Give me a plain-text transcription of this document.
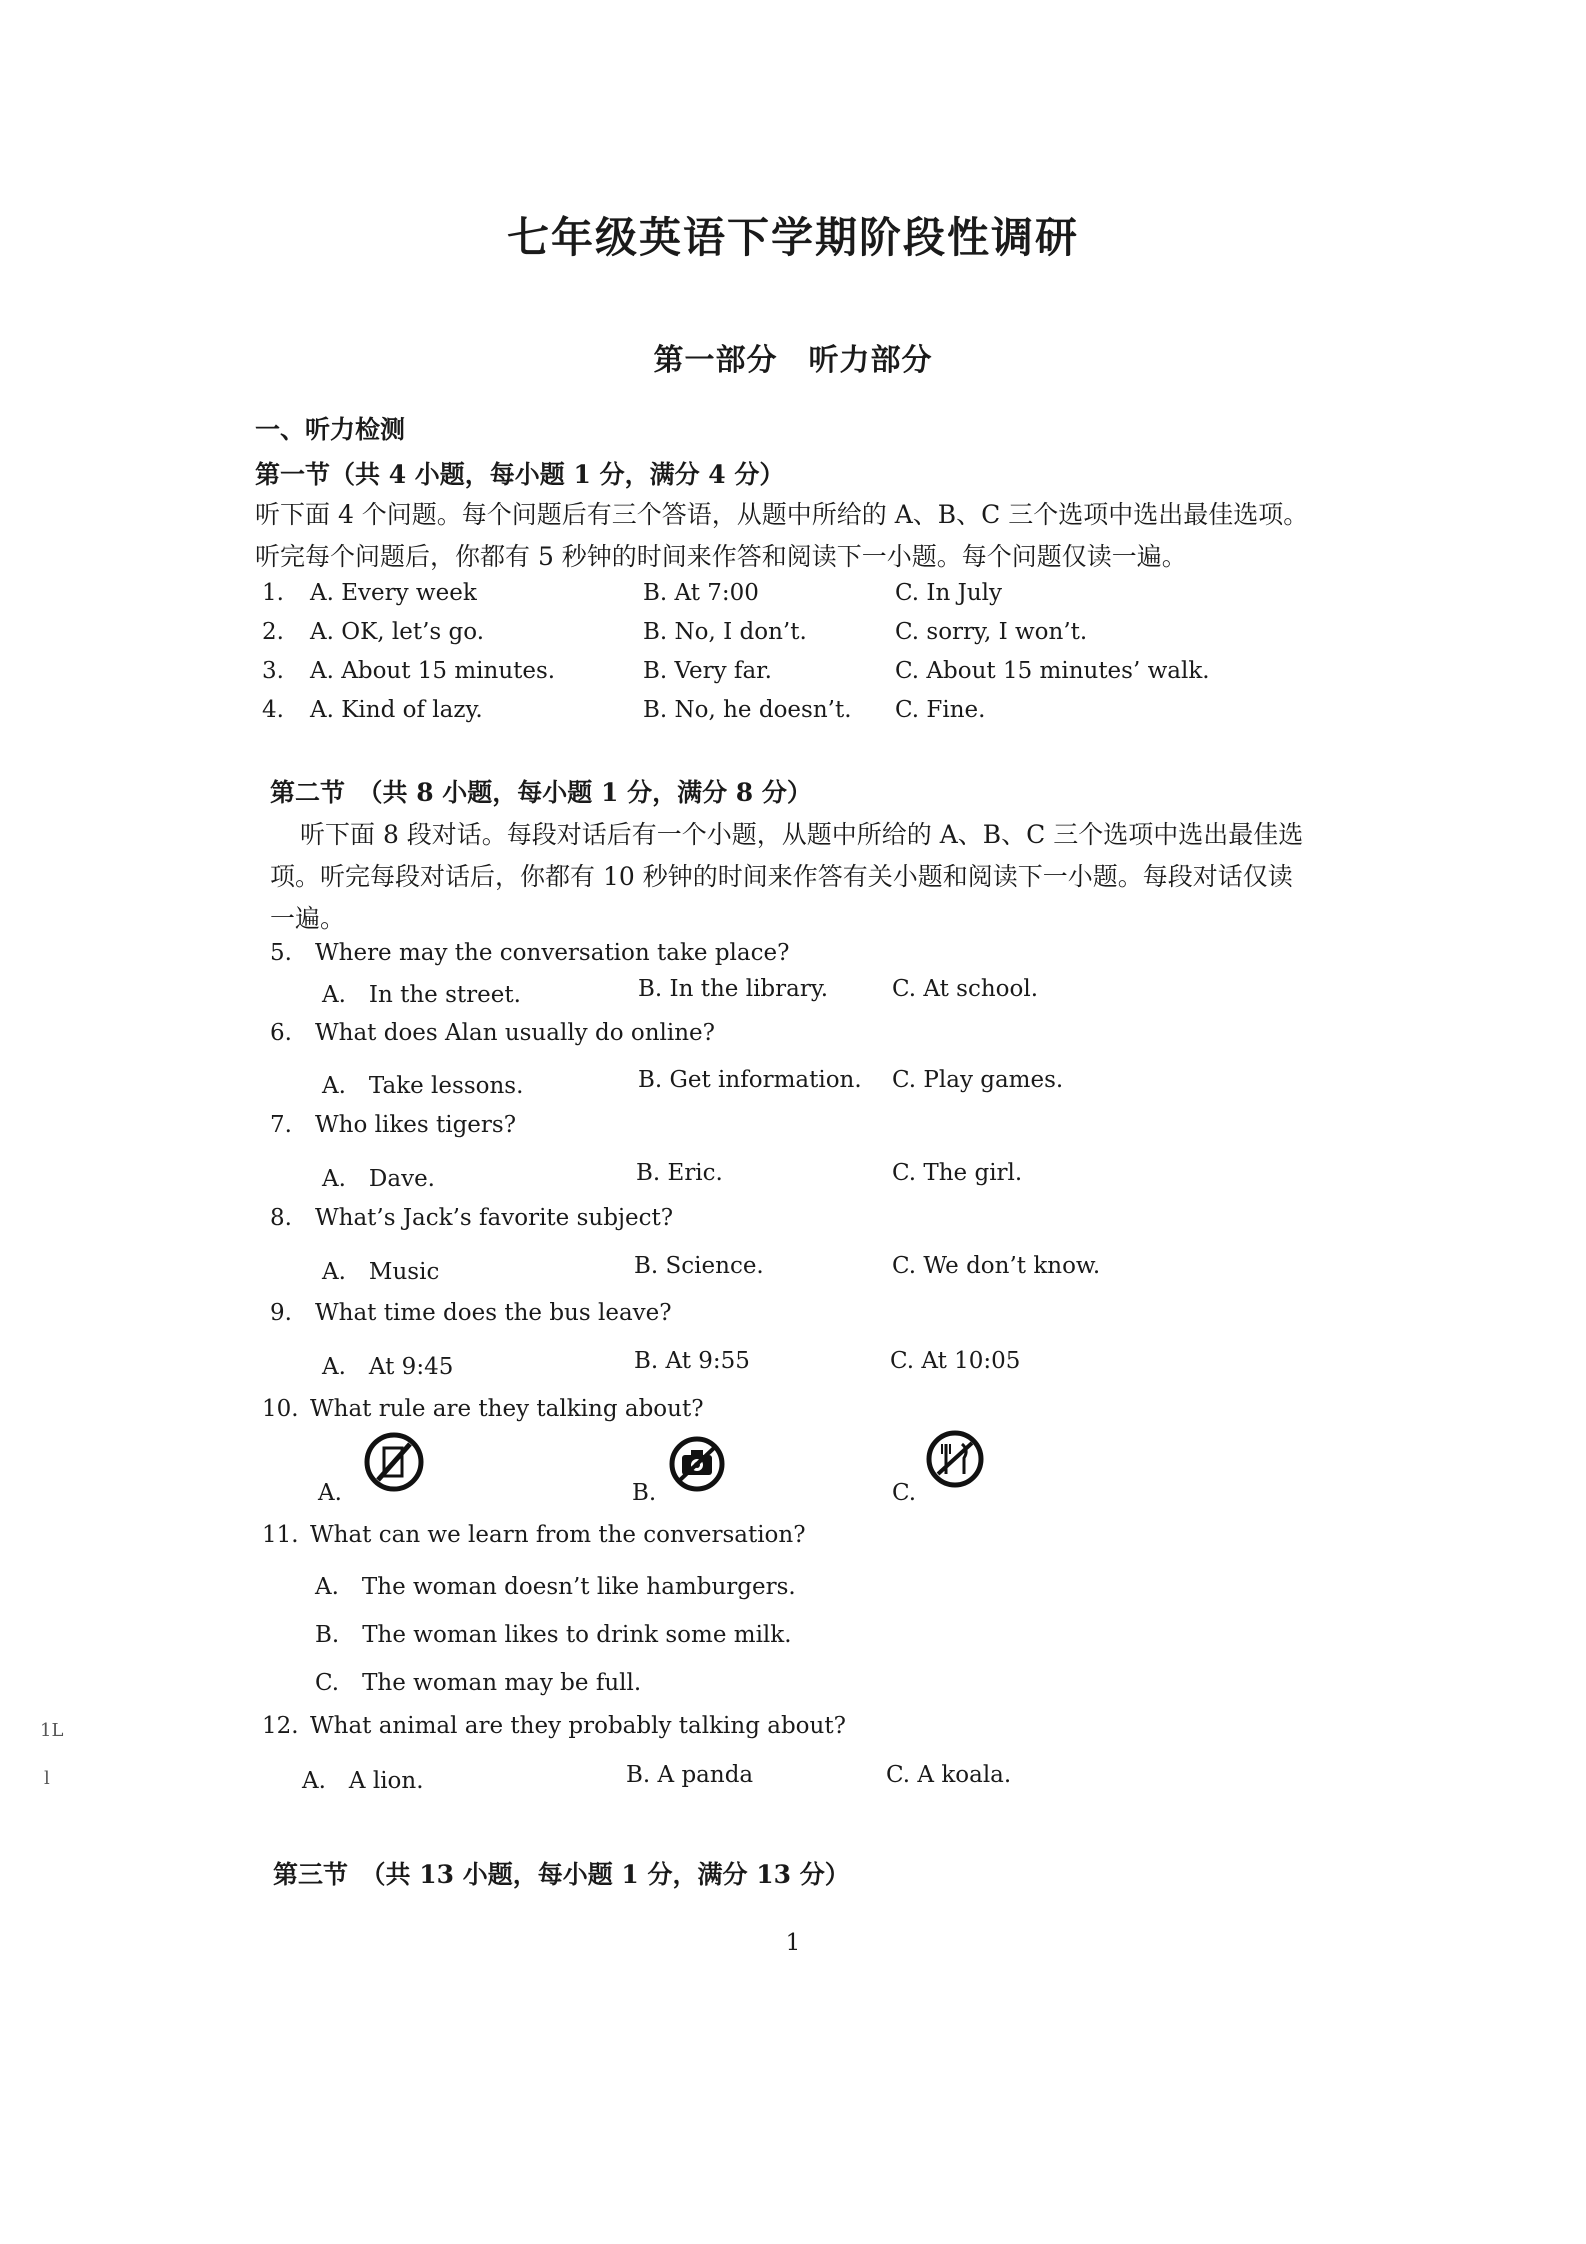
七年级英语下学期阶段性调研
第一部分　听力部分
一、听力检测
第一节（共 4 小题，每小题 1 分，满分 4 分）
听下面 4 个问题。每个问题后有三个答语，从题中所给的 A、B、C 三个选项中选出最佳选项。
听完每个问题后，你都有 5 秒钟的时间来作答和阅读下一小题。每个问题仅读一遍。
1. A. Every week	B. At 7:00	C. In July
2. A. OK, let’s go.	B. No, I don’t.	C. sorry, I won’t.
3. A. About 15 minutes.	B. Very far.	C. About 15 minutes’ walk.
4. A. Kind of lazy.	B. No, he doesn’t. C. Fine.
第二节　（共 8 小题，每小题 1 分，满分 8 分）
听下面 8 段对话。每段对话后有一个小题，从题中所给的 A、B、C 三个选项中选出最佳选
项。听完每段对话后，你都有 10 秒钟的时间来作答有关小题和阅读下一小题。每段对话仅读
一遍。
5. Where may the conversation take place?
A.　In the street.	B. In the library.	C. At school.
6. What does Alan usually do online?
A.　Take lessons.	B. Get information. C. Play games.
7. Who likes tigers?
A.　Dave.	B. Eric.	C. The girl.
8. What’s Jack’s favorite subject?
A.　Music	B. Science.	C. We don’t know.
9. What time does the bus leave?
A.　At 9:45	B. At 9:55	C. At 10:05
10. What rule are they talking about?
A.	B.	C.
11. What can we learn from the conversation?
A.　The woman doesn’t like hamburgers.
B.　The woman likes to drink some milk.
C.　The woman may be full.
12. What animal are they probably talking about?
A.　A lion.	B. A panda	C. A koala.
第三节　（共 13 小题，每小题 1 分，满分 13 分）
1L
l
1
